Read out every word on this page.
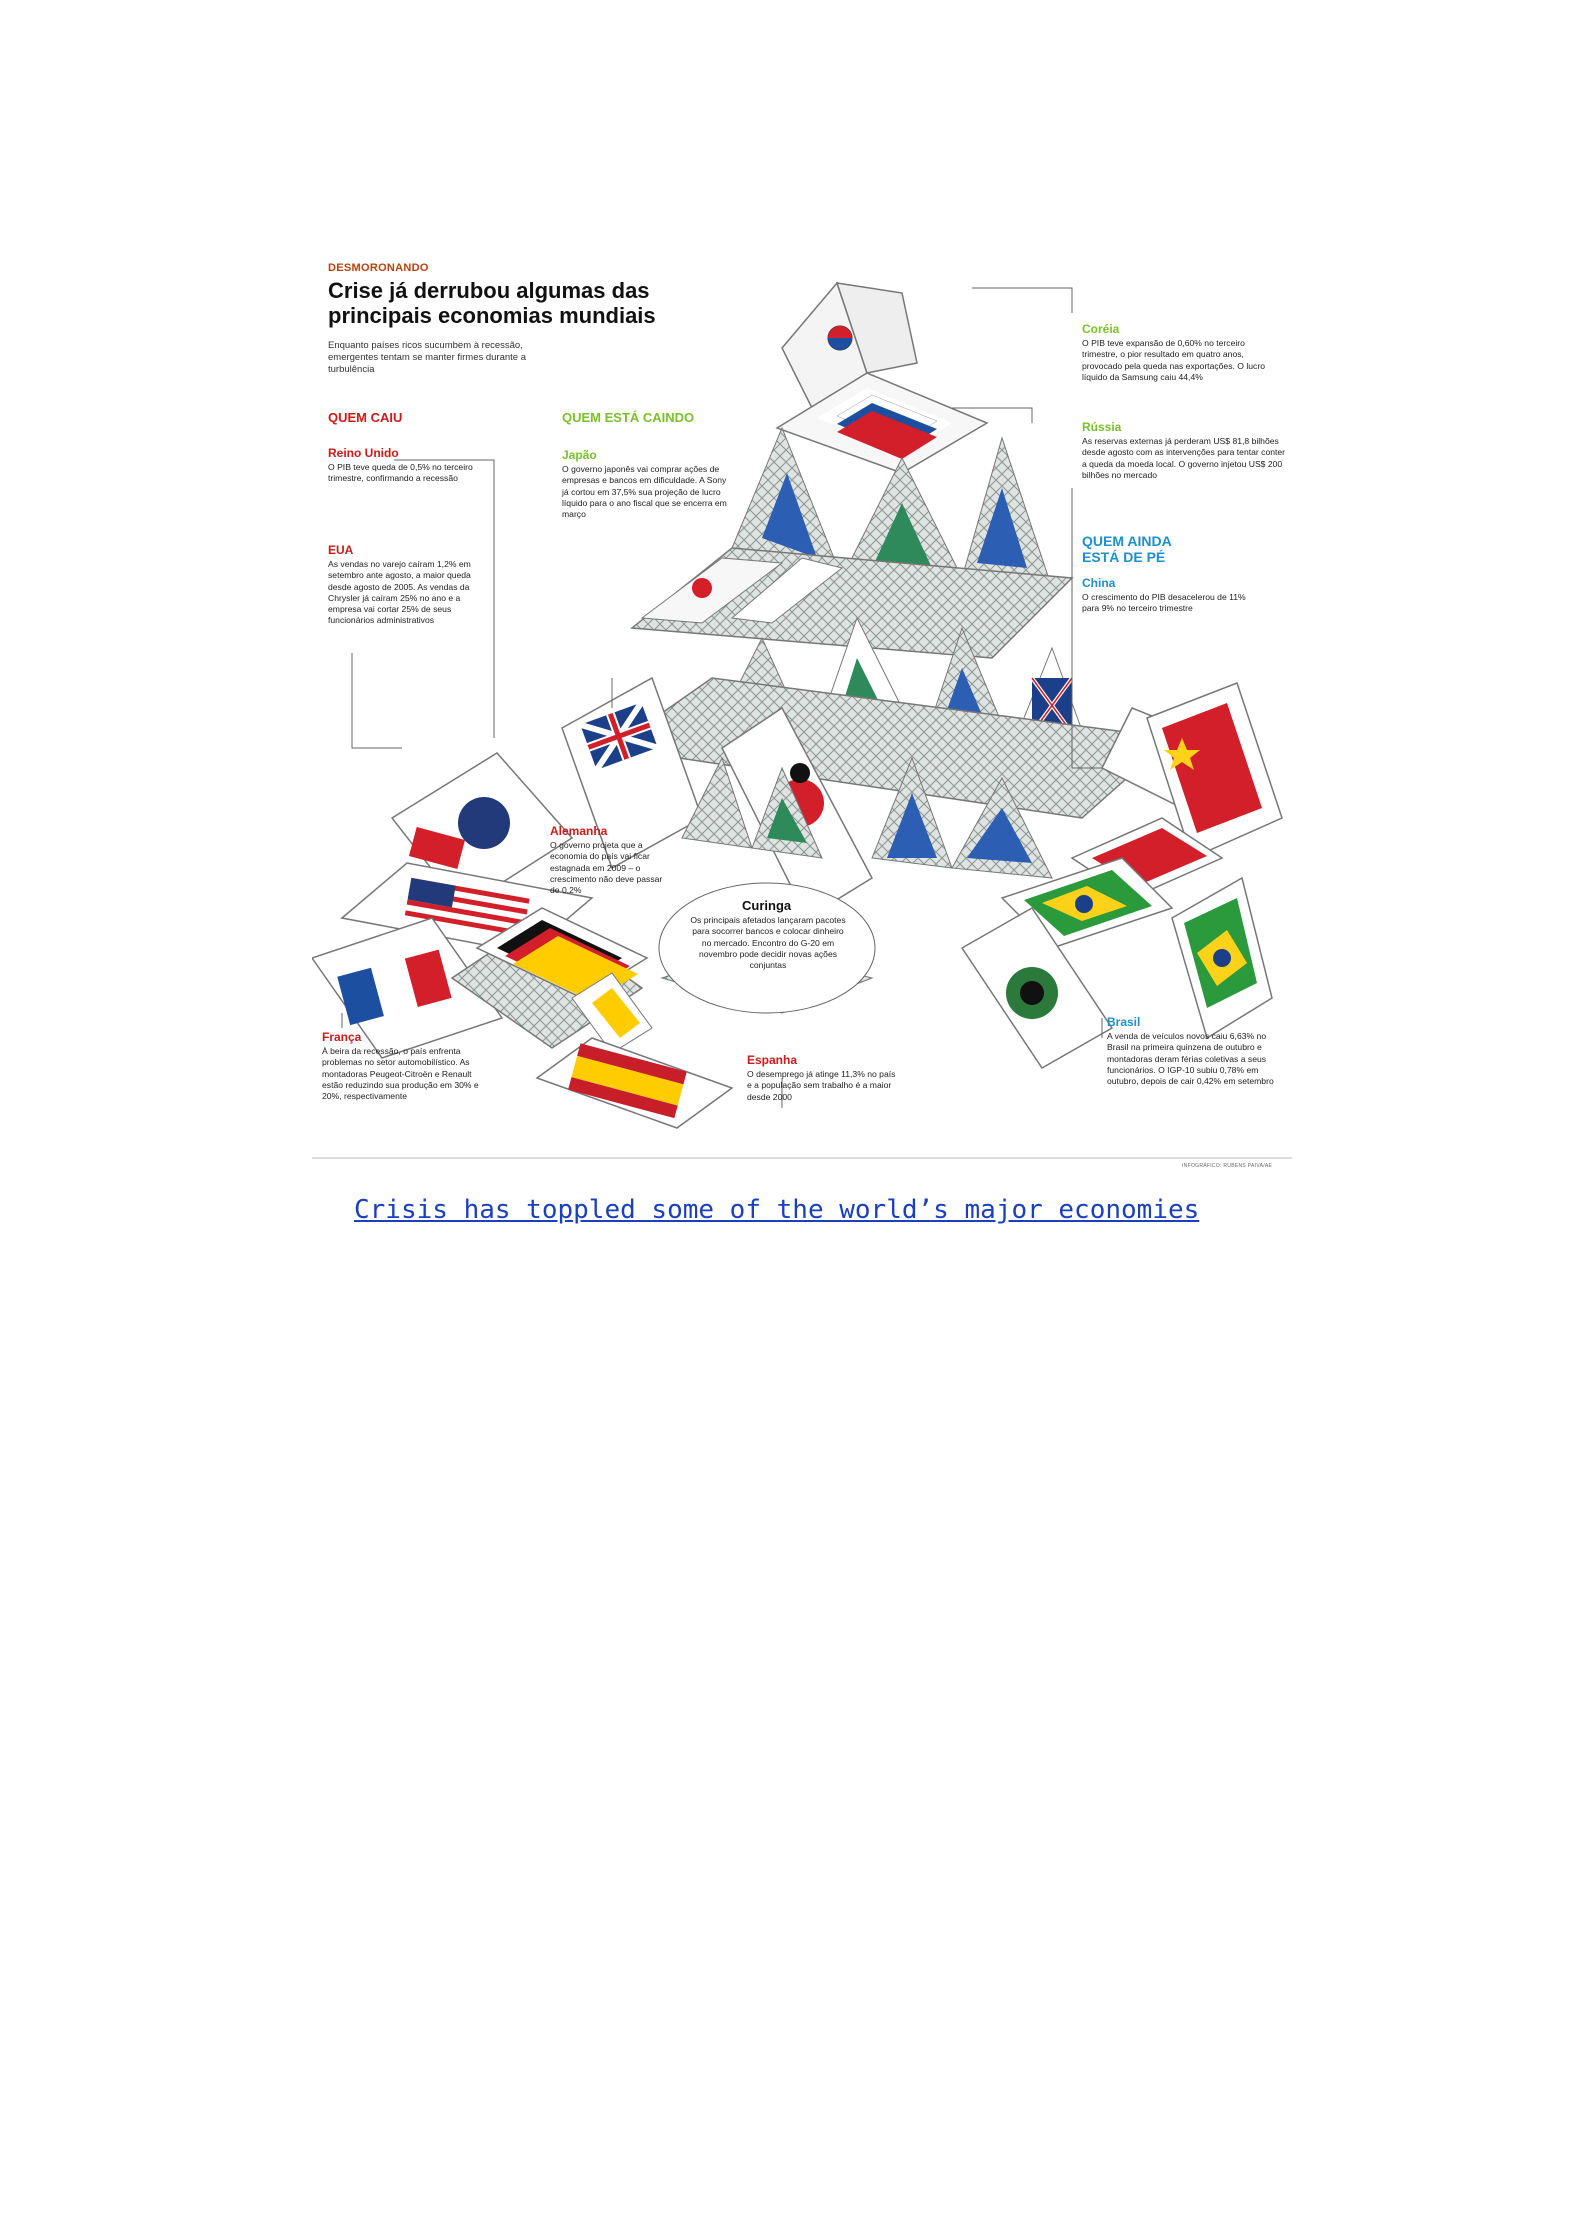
DESMORONANDO
Crise já derrubou algumas das
principais economias mundiais
Enquanto países ricos sucumbem à recessão, emergentes tentam se manter firmes durante a turbulência
QUEM CAIU	QUEM ESTÁ CAINDO
QUEM AINDA
ESTÁ DE PÉ
Reino Unido
O PIB teve queda de 0,5% no terceiro trimestre, confirmando a recessão
EUA
As vendas no varejo caíram 1,2% em setembro ante agosto, a maior queda desde agosto de 2005. As vendas da Chrysler já caíram 25% no ano e a empresa vai cortar 25% de seus funcionários administrativos
Japão
O governo japonês vai comprar ações de empresas e bancos em dificuldade. A Sony já cortou em 37,5% sua projeção de lucro líquido para o ano fiscal que se encerra em março
Coréia
O PIB teve expansão de 0,60% no terceiro trimestre, o pior resultado em quatro anos, provocado pela queda nas exportações. O lucro líquido da Samsung caiu 44,4%
Rússia
As reservas externas já perderam US$ 81,8 bilhões desde agosto com as intervenções para tentar conter a queda da moeda local. O governo injetou US$ 200 bilhões no mercado
China
O crescimento do PIB desacelerou de 11% para 9% no terceiro trimestre
Alemanha
O governo projeta que a economia do país vai ficar estagnada em 2009 – o crescimento não deve passar de 0,2%
Curinga
Os principais afetados lançaram pacotes para socorrer bancos e colocar dinheiro no mercado. Encontro do G-20 em novembro pode decidir novas ações conjuntas
França
À beira da recessão, o país enfrenta problemas no setor automobilístico. As montadoras Peugeot-Citroën e Renault estão reduzindo sua produção em 30% e 20%, respectivamente
Espanha
O desemprego já atinge 11,3% no país e a população sem trabalho é a maior desde 2000
Brasil
A venda de veículos novos caiu 6,63% no Brasil na primeira quinzena de outubro e montadoras deram férias coletivas a seus funcionários. O IGP-10 subiu 0,78% em outubro, depois de cair 0,42% em setembro
INFOGRÁFICO: RUBENS PAIVA/AE
Crisis has toppled some of the world’s major economies
